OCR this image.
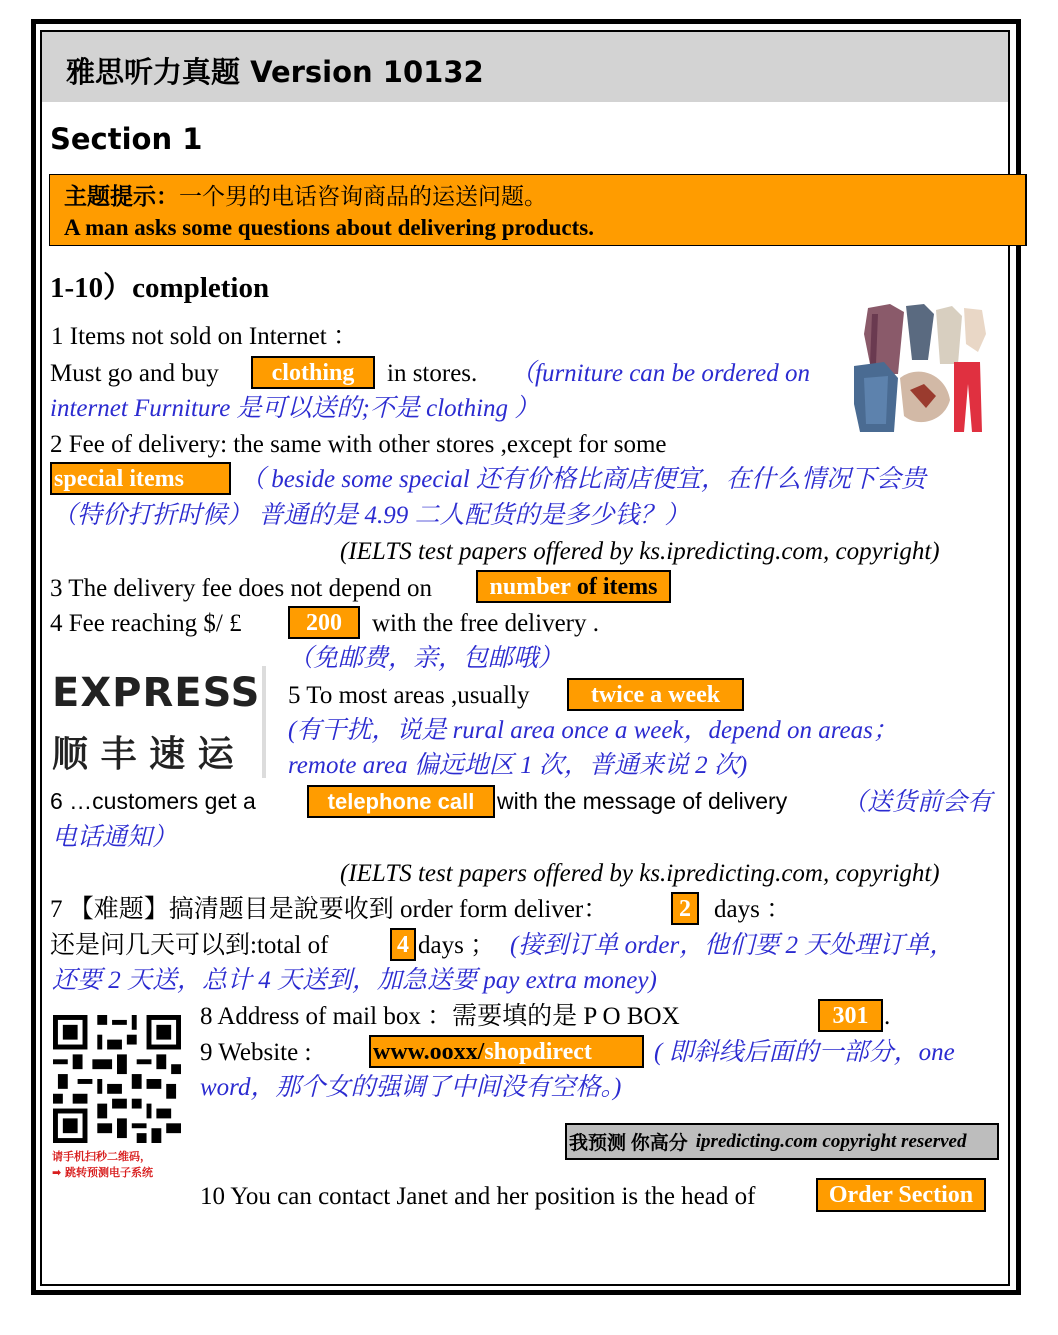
雅思听力真题 Version 10132
Section 1
主题提示：一个男的电话咨询商品的运送问题。
A man asks some questions about delivering products.
1-10）completion
1 Items not sold on Internet ：
Must go and buy	clothing	in stores. （furniture can be ordered on
internet Furniture 是可以送的;不是 clothing ）
2 Fee of delivery: the same with other stores ,except for some
special items	（ beside some special 还有价格比商店便宜，在什么情况下会贵
（特价打折时候） 普通的是 4.99 二人配货的是多少钱？）
(IELTS test papers offered by ks.ipredicting.com, copyright)
3 The delivery fee does not depend on number
of items
4 Fee reaching $/ £	200	with the free delivery .
（免邮费，亲，包邮哦）
EXPRESS
顺 丰 速 运
5 To most areas ,usually	twice a week
(有干扰，说是 rural area once a week，depend on areas；
remote area 偏远地区 1 次，普通来说 2 次)
6 …customers get a	telephone call with the message of delivery （送货前会有
电话通知）
(IELTS test papers offered by ks.ipredicting.com, copyright)
7 【难题】搞清题目是說要收到 order form deliver：	2 days ：
还是问几天可以到:total of	4 days ； (接到订单 order，他们要 2 天处理订单，
还要 2 天送，总计 4 天送到，加急送要 pay extra money)
请手机扫秒二维码，
➡ 跳转预测电子系统
8 Address of mail box ：需要填的是 P O BOX	301 .
9 Website :	www.ooxx/ shopdirect ( 即斜线后面的一部分，one
word，那个女的强调了中间没有空格。)
我预测 你高分 ipredicting.com copyright reserved
10 You can contact Janet and her position is the head of	Order Section
